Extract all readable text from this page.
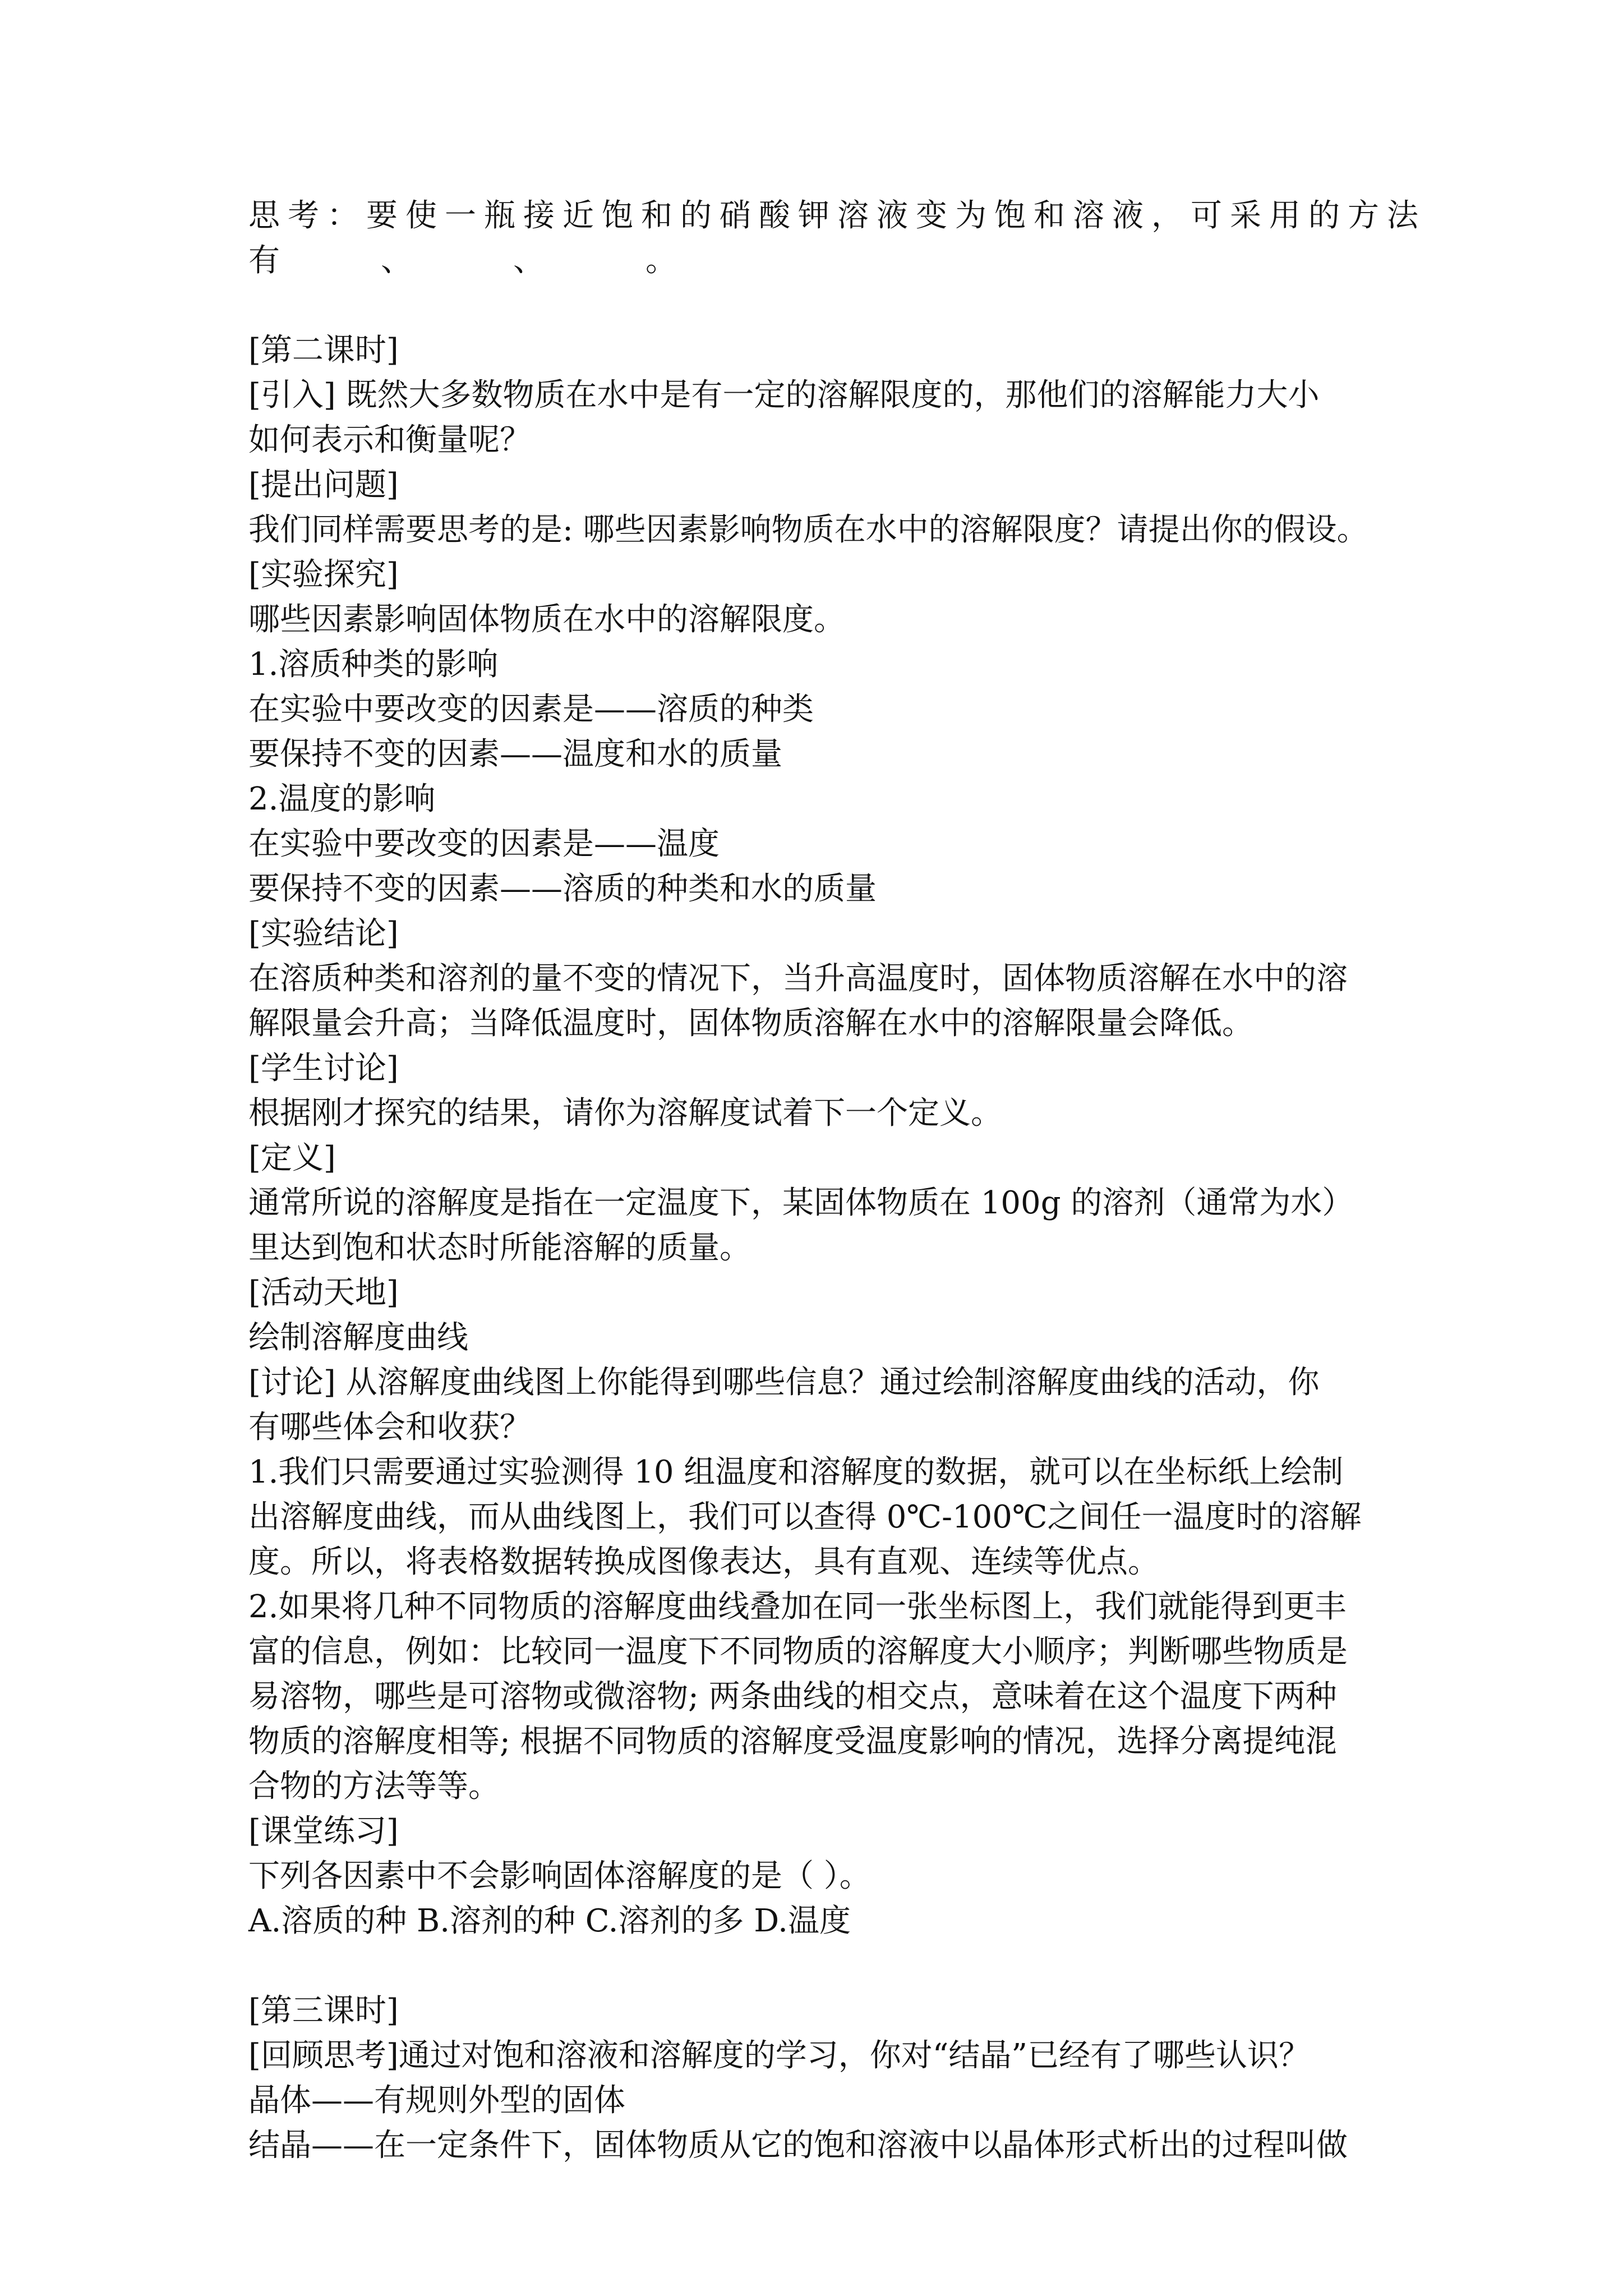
思考：要使一瓶接近饱和的硝酸钾溶液变为饱和溶液，可采用的方法
有	、	、	。
[第二课时]
[引入] 既然大多数物质在水中是有一定的溶解限度的，那他们的溶解能力大小
如何表示和衡量呢？
[提出问题]
我们同样需要思考的是: 哪些因素影响物质在水中的溶解限度？请提出你的假设。
[实验探究]
哪些因素影响固体物质在水中的溶解限度。
1.溶质种类的影响
在实验中要改变的因素是——溶质的种类
要保持不变的因素——温度和水的质量
2.温度的影响
在实验中要改变的因素是——温度
要保持不变的因素——溶质的种类和水的质量
[实验结论]
在溶质种类和溶剂的量不变的情况下，当升高温度时，固体物质溶解在水中的溶
解限量会升高；当降低温度时，固体物质溶解在水中的溶解限量会降低。
[学生讨论]
根据刚才探究的结果，请你为溶解度试着下一个定义。
[定义]
通常所说的溶解度是指在一定温度下，某固体物质在 100g 的溶剂（通常为水）
里达到饱和状态时所能溶解的质量。
[活动天地]
绘制溶解度曲线
[讨论] 从溶解度曲线图上你能得到哪些信息？通过绘制溶解度曲线的活动，你
有哪些体会和收获？
1.我们只需要通过实验测得 10 组温度和溶解度的数据，就可以在坐标纸上绘制
出溶解度曲线，而从曲线图上，我们可以查得 0℃-100℃之间任一温度时的溶解
度。所以，将表格数据转换成图像表达，具有直观、连续等优点。
2.如果将几种不同物质的溶解度曲线叠加在同一张坐标图上，我们就能得到更丰
富的信息，例如：比较同一温度下不同物质的溶解度大小顺序；判断哪些物质是
易溶物，哪些是可溶物或微溶物; 两条曲线的相交点，意味着在这个温度下两种
物质的溶解度相等; 根据不同物质的溶解度受温度影响的情况，选择分离提纯混
合物的方法等等。
[课堂练习]
下列各因素中不会影响固体溶解度的是（ ）。
A.溶质的种 B.溶剂的种 C.溶剂的多 D.温度
[第三课时]
[回顾思考]通过对饱和溶液和溶解度的学习，你对“结晶”已经有了哪些认识？
晶体——有规则外型的固体
结晶——在一定条件下，固体物质从它的饱和溶液中以晶体形式析出的过程叫做
